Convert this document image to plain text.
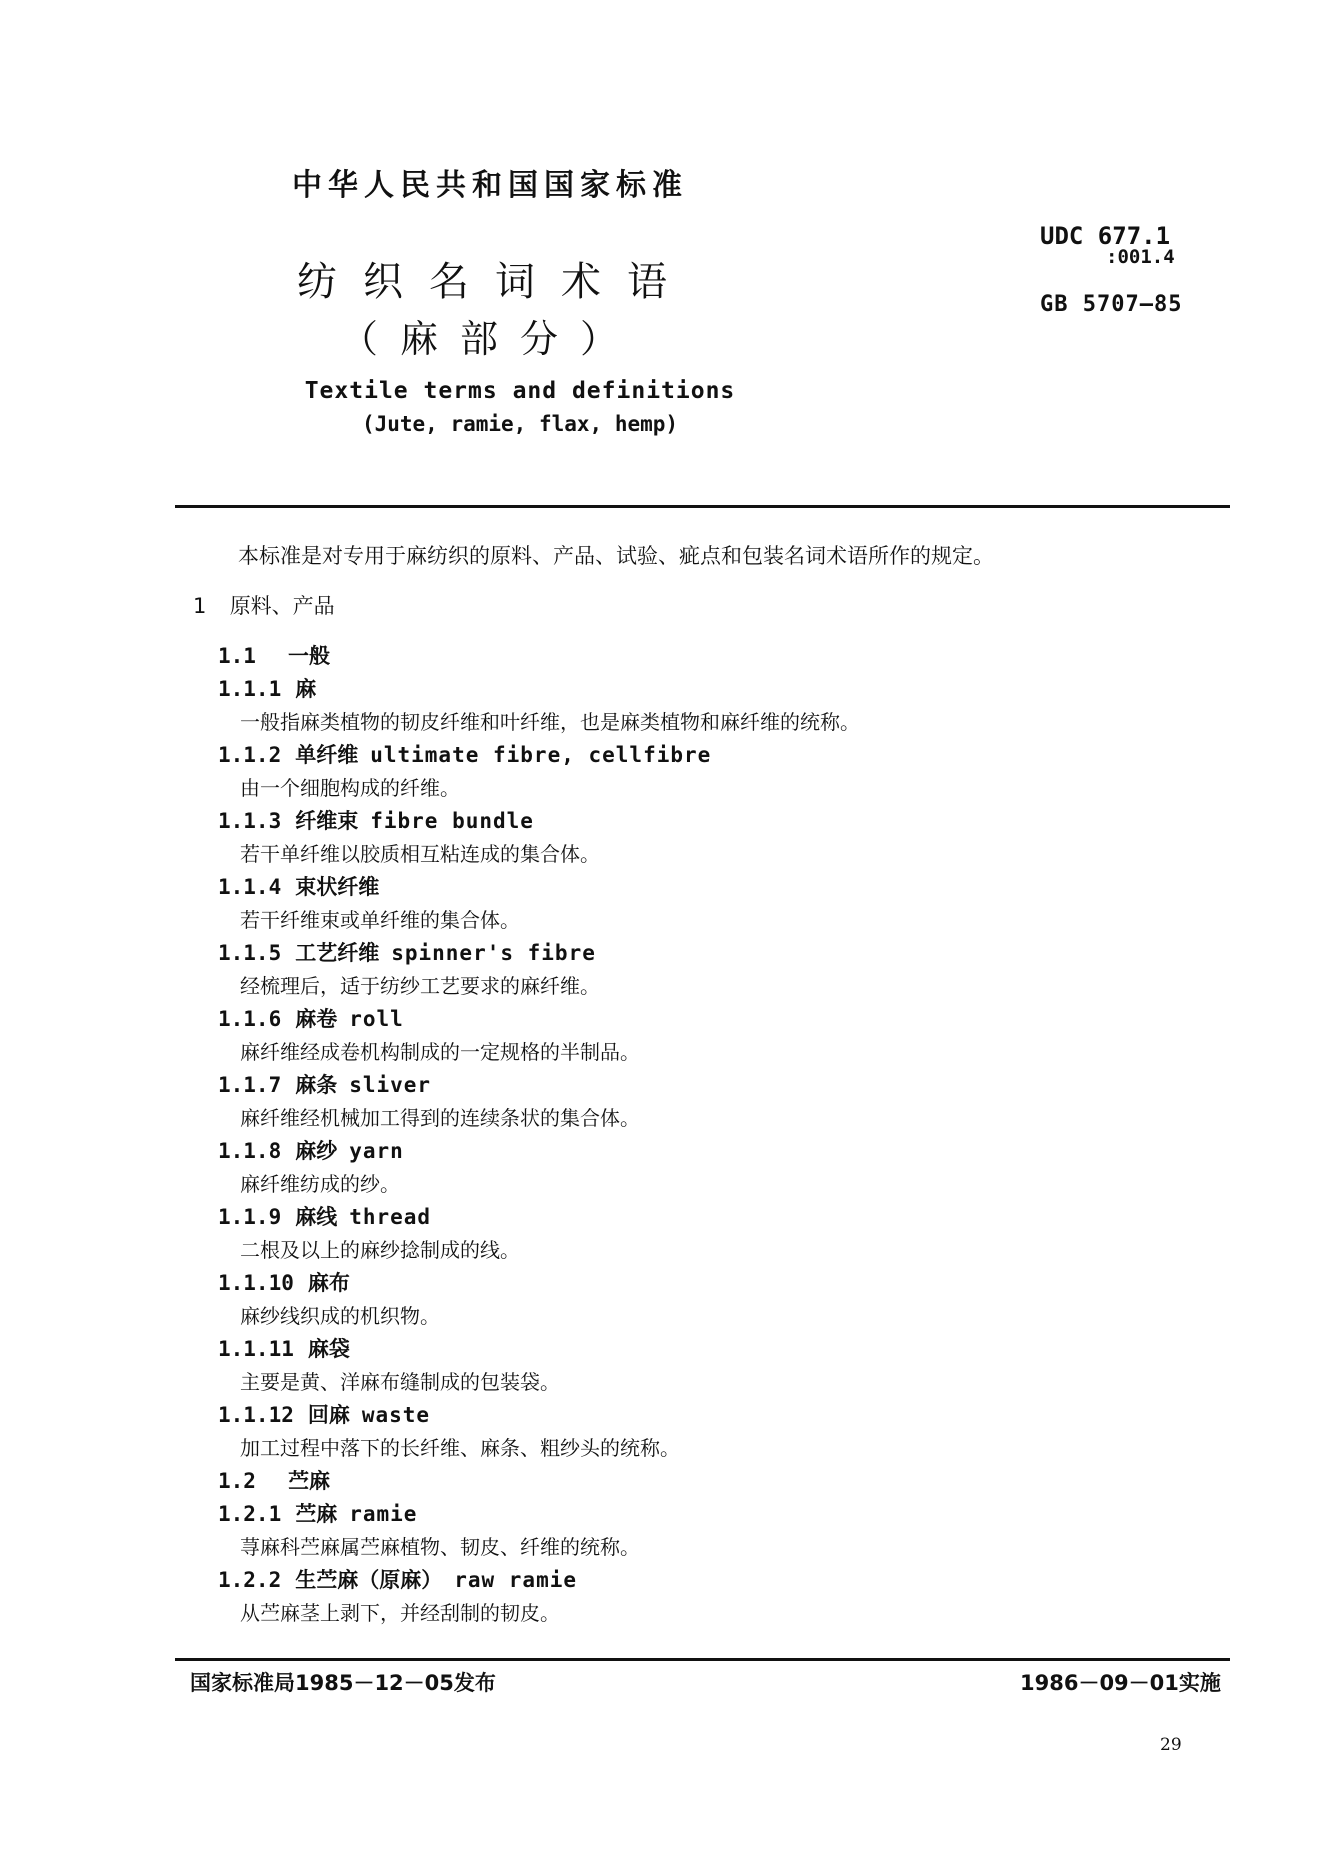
中华人民共和国国家标准
纺织名词术语
（麻部分）
Textile terms and definitions
(Jute, ramie, flax, hemp)
UDC 677.1
:001.4
GB 5707—85
本标准是对专用于麻纺织的原料、产品、试验、疵点和包装名词术语所作的规定。
1 原料、产品
1.1 一般
1.1.1 麻
一般指麻类植物的韧皮纤维和叶纤维，也是麻类植物和麻纤维的统称。
1.1.2 单纤维 ultimate fibre, cellfibre
由一个细胞构成的纤维。
1.1.3 纤维束 fibre bundle
若干单纤维以胶质相互粘连成的集合体。
1.1.4 束状纤维
若干纤维束或单纤维的集合体。
1.1.5 工艺纤维 spinner's fibre
经梳理后，适于纺纱工艺要求的麻纤维。
1.1.6 麻卷 roll
麻纤维经成卷机构制成的一定规格的半制品。
1.1.7 麻条 sliver
麻纤维经机械加工得到的连续条状的集合体。
1.1.8 麻纱 yarn
麻纤维纺成的纱。
1.1.9 麻线 thread
二根及以上的麻纱捻制成的线。
1.1.10 麻布
麻纱线织成的机织物。
1.1.11 麻袋
主要是黄、洋麻布缝制成的包装袋。
1.1.12 回麻 waste
加工过程中落下的长纤维、麻条、粗纱头的统称。
1.2 苎麻
1.2.1 苎麻 ramie
荨麻科苎麻属苎麻植物、韧皮、纤维的统称。
1.2.2 生苎麻（原麻） raw ramie
从苎麻茎上剥下，并经刮制的韧皮。
国家标准局1985－12－05发布	1986－09－01实施
29
